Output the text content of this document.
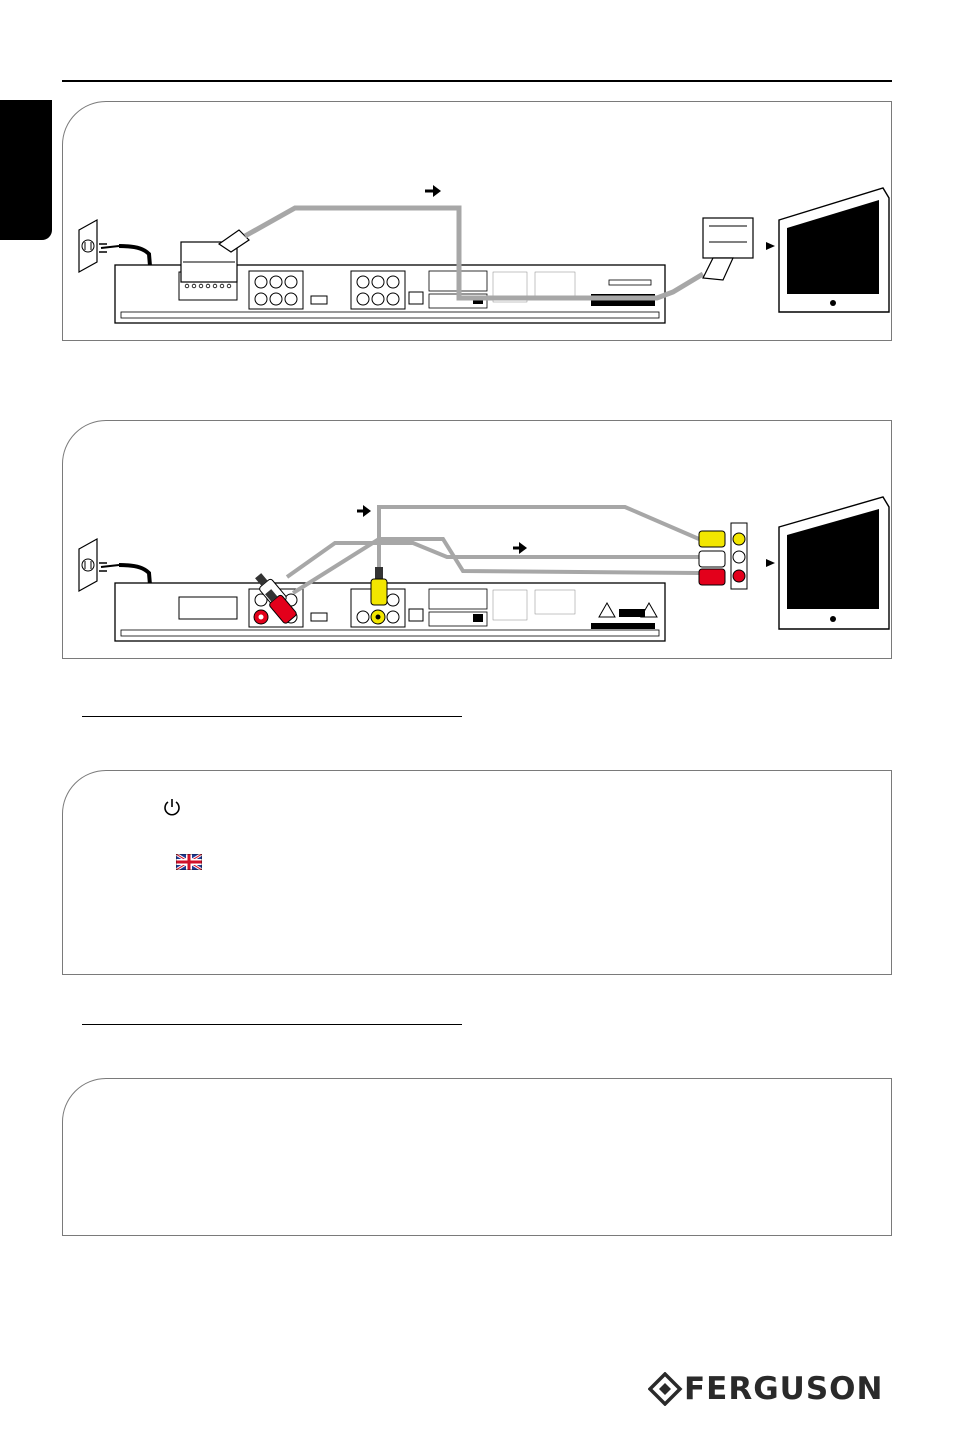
FERGUSON
